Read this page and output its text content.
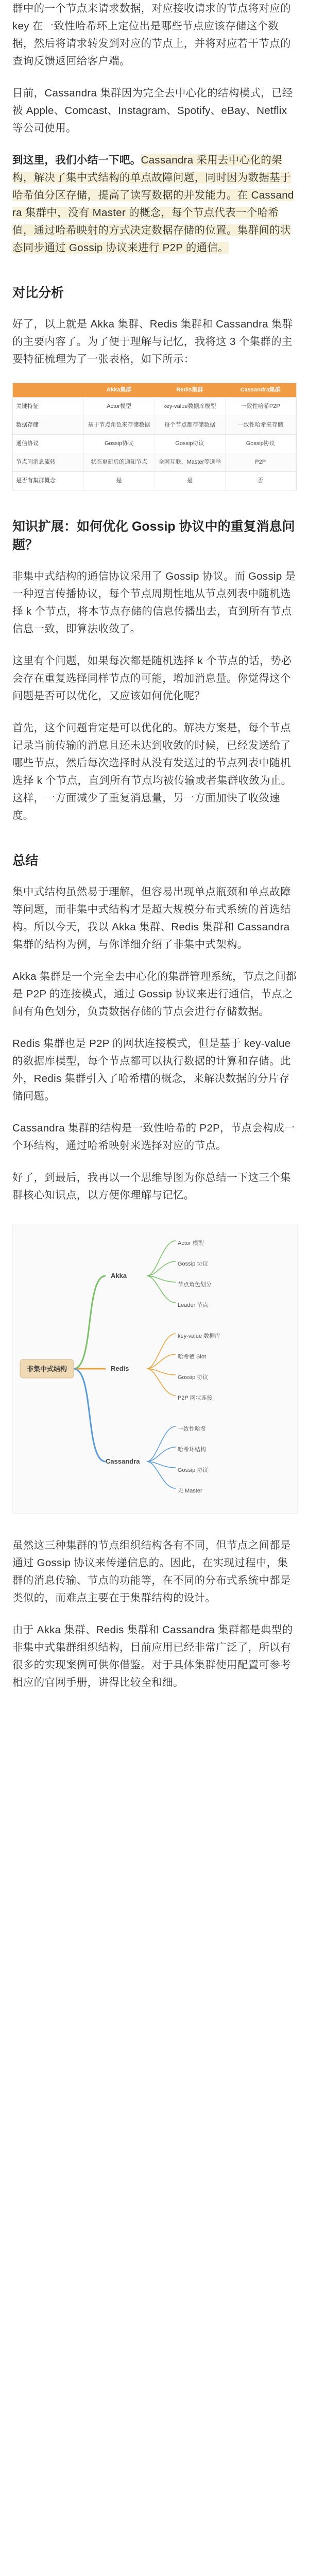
群中的一个节点来请求数据，对应接收请求的节点将对应的 key 在一致性哈希环上定位出是哪些节点应该存储这个数据，然后将请求转发到对应的节点上，并将对应若干节点的查询反馈返回给客户端。

目前，Cassandra 集群因为完全去中心化的结构模式，已经被 Apple、Comcast、Instagram、Spotify、eBay、Netflix 等公司使用。

到这里，我们小结一下吧。Cassandra 采用去中心化的架构，解决了集中式结构的单点故障问题，同时因为数据基于哈希值分区存储，提高了读写数据的并发能力。在 Cassandra 集群中，没有 Master 的概念，每个节点代表一个哈希值，通过哈希映射的方式决定数据存储的位置。集群间的状态同步通过 Gossip 协议来进行 P2P 的通信。

对比分析

好了，以上就是 Akka 集群、Redis 集群和 Cassandra 集群的主要内容了。为了便于理解与记忆，我将这 3 个集群的主要特征梳理为了一张表格，如下所示：

	Akka集群	Redis集群	Cassandra集群
关键特征	Actor模型	key-value数据库模型	一致性哈希P2P
数据存储	基于节点角色来存储数据	每个节点都存储数据	一致性哈希来存储
通信协议	Gossip协议	Gossip协议	Gossip协议
节点间消息流转	状态更新后的通知节点	全网互联、Master等选举	P2P
是否有集群概念	是	是	否
知识扩展：如何优化 Gossip 协议中的重复消息问题？

非集中式结构的通信协议采用了 Gossip 协议。而 Gossip 是一种逗言传播协议，每个节点周期性地从节点列表中随机选择 k 个节点，将本节点存储的信息传播出去，直到所有节点信息一致，即算法收敛了。

这里有个问题，如果每次都是随机选择 k 个节点的话，势必会存在重复选择同样节点的可能，增加消息量。你觉得这个问题是否可以优化，又应该如何优化呢？

首先，这个问题肯定是可以优化的。解决方案是，每个节点记录当前传输的消息且还未达到收敛的时候，已经发送给了哪些节点，然后每次选择时从没有发送过的节点列表中随机选择 k 个节点，直到所有节点均被传输或者集群收敛为止。这样，一方面减少了重复消息量，另一方面加快了收敛速度。

总结

集中式结构虽然易于理解，但容易出现单点瓶颈和单点故障等问题，而非集中式结构才是超大规模分布式系统的首选结构。所以今天，我以 Akka 集群、Redis 集群和 Cassandra 集群的结构为例，与你详细介绍了非集中式架构。

Akka 集群是一个完全去中心化的集群管理系统，节点之间都是 P2P 的连接模式，通过 Gossip 协议来进行通信，节点之间有角色划分，负责数据存储的节点会进行存储数据。

Redis 集群也是 P2P 的网状连接模式，但是基于 key-value 的数据库模型，每个节点都可以执行数据的计算和存储。此外，Redis 集群引入了哈希槽的概念，来解决数据的分片存储问题。

Cassandra 集群的结构是一致性哈希的 P2P，节点会构成一个环结构，通过哈希映射来选择对应的节点。

好了，到最后，我再以一个思维导图为你总结一下这三个集群核心知识点，以方便你理解与记忆。

非集中式结构
Akka
Actor 模型
Gossip 协议
节点角色划分
Leader 节点
Redis
key-value 数据库
哈希槽 Slot
Gossip 协议
P2P 网状连接
Cassandra
一致性哈希
哈希环结构
Gossip 协议
无 Master

虽然这三种集群的节点组织结构各有不同，但节点之间都是通过 Gossip 协议来传递信息的。因此，在实现过程中，集群的消息传输、节点的功能等，在不同的分布式系统中都是类似的，而难点主要在于集群结构的设计。

由于 Akka 集群、Redis 集群和 Cassandra 集群都是典型的非集中式集群组织结构，目前应用已经非常广泛了，所以有很多的实现案例可供你借鉴。对于具体集群使用配置可参考相应的官网手册，讲得比较全和细。
